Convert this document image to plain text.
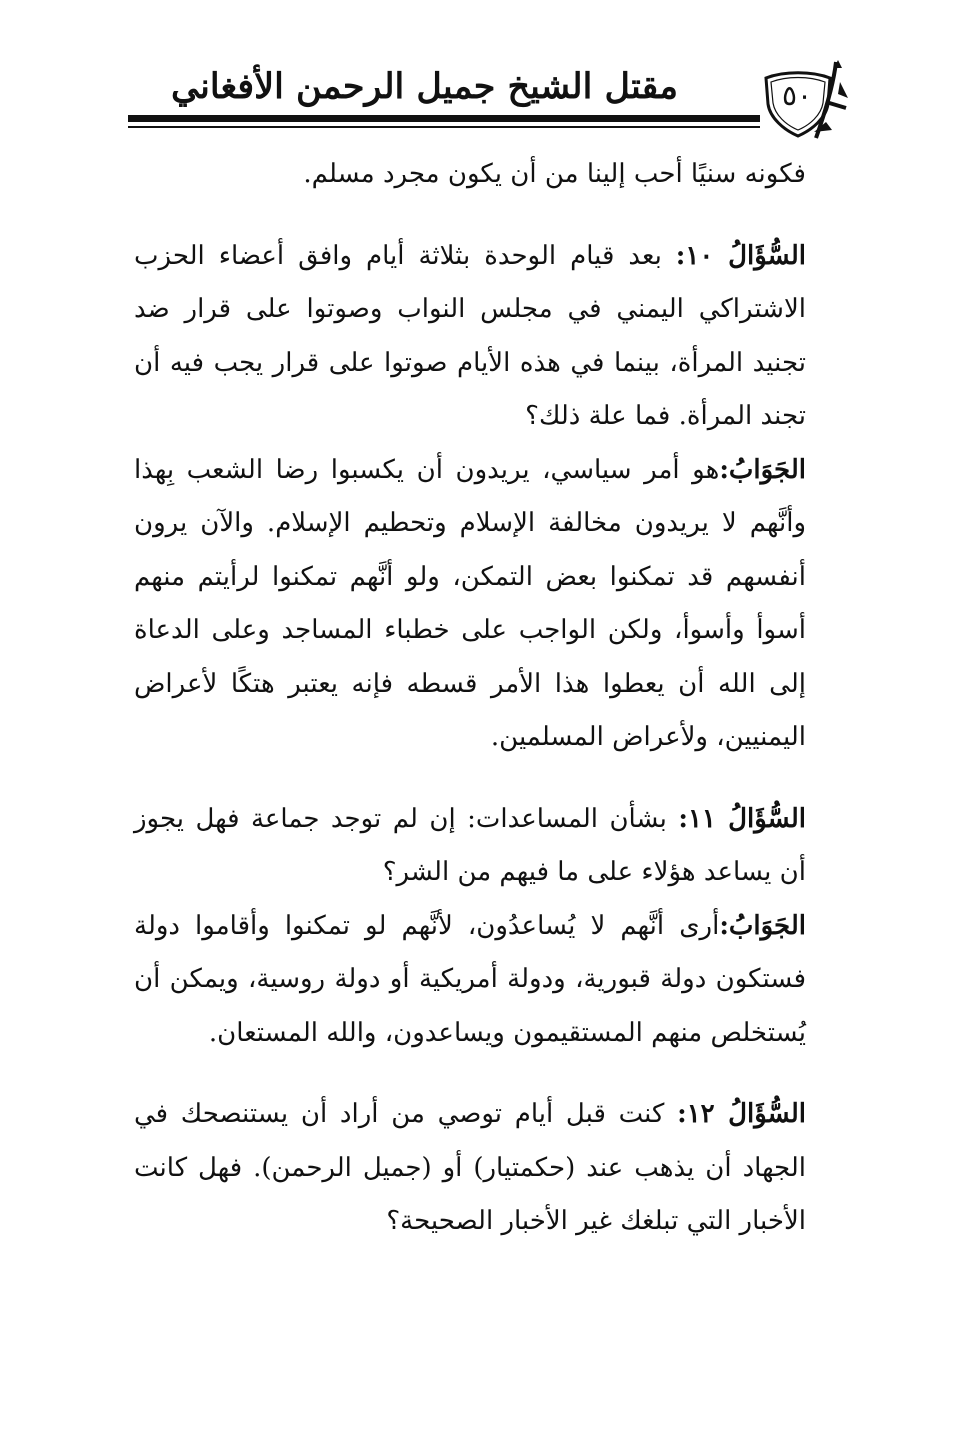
مقتل الشيخ جميل الرحمن الأفغاني	٥٠

فكونه سنيًا أحب إلينا من أن يكون مجرد مسلم.

السُّؤَالُ ١٠: بعد قيام الوحدة بثلاثة أيام وافق أعضاء الحزب الاشتراكي اليمني في مجلس النواب وصوتوا على قرار ضد تجنيد المرأة، بينما في هذه الأيام صوتوا على قرار يجب فيه أن تجند المرأة. فما علة ذلك؟

الجَوَابُ:هو أمر سياسي، يريدون أن يكسبوا رضا الشعب بِهذا وأنَّهم لا يريدون مخالفة الإسلام وتحطيم الإسلام. والآن يرون أنفسهم قد تمكنوا بعض التمكن، ولو أنَّهم تمكنوا لرأيتم منهم أسوأ وأسوأ، ولكن الواجب على خطباء المساجد وعلى الدعاة إلى الله أن يعطوا هذا الأمر قسطه فإنه يعتبر هتكًا لأعراض اليمنيين، ولأعراض المسلمين.

السُّؤَالُ ١١: بشأن المساعدات: إن لم توجد جماعة فهل يجوز أن يساعد هؤلاء على ما فيهم من الشر؟

الجَوَابُ:أرى أنَّهم لا يُساعدُون، لأنَّهم لو تمكنوا وأقاموا دولة فستكون دولة قبورية، ودولة أمريكية أو دولة روسية، ويمكن أن يُستخلص منهم المستقيمون ويساعدون، والله المستعان.

السُّؤَالُ ١٢: كنت قبل أيام توصي من أراد أن يستنصحك في الجهاد أن يذهب عند (حكمتيار) أو (جميل الرحمن). فهل كانت الأخبار التي تبلغك غير الأخبار الصحيحة؟
